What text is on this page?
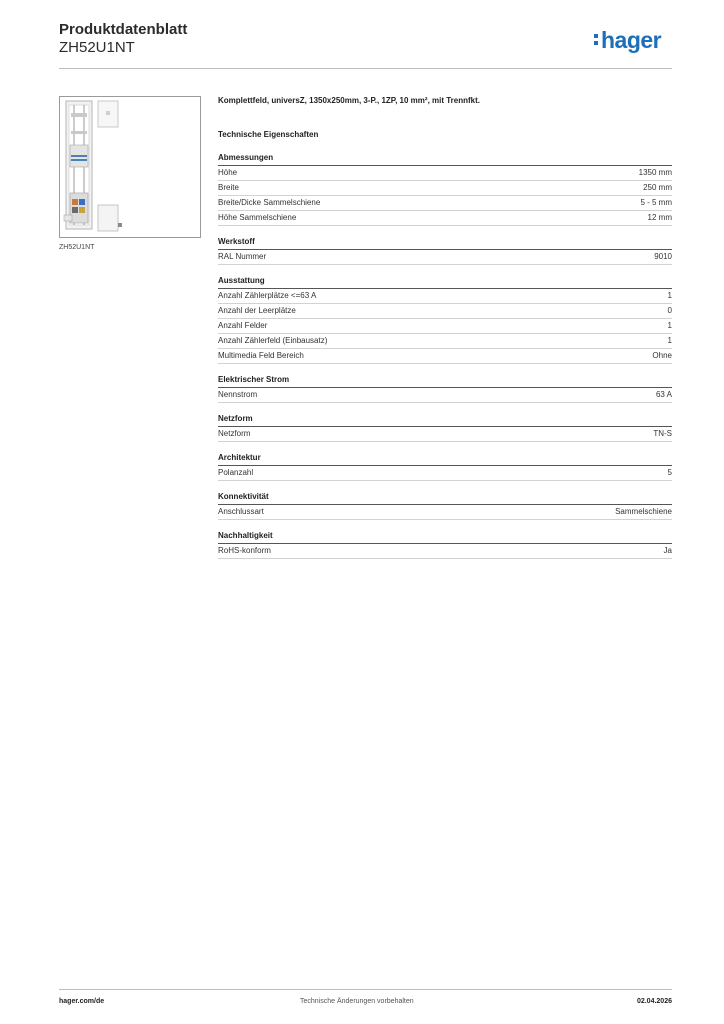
Produktdatenblatt
ZH52U1NT	hager
ZH52U1NT
Komplettfeld, universZ, 1350x250mm, 3-P., 1ZP, 10 mm², mit Trennfkt.
Technische Eigenschaften
Abmessungen
Höhe	1350 mm
Breite	250 mm
Breite/Dicke Sammelschiene	5 - 5 mm
Höhe Sammelschiene	12 mm
Werkstoff
RAL Nummer	9010
Ausstattung
Anzahl Zählerplätze <=63 A	1
Anzahl der Leerplätze	0
Anzahl Felder	1
Anzahl Zählerfeld (Einbausatz)	1
Multimedia Feld Bereich	Ohne
Elektrischer Strom
Nennstrom	63 A
Netzform
Netzform	TN-S
Architektur
Polanzahl	5
Konnektivität
Anschlussart	Sammelschiene
Nachhaltigkeit
RoHS-konform	Ja
hager.com/de	Technische Änderungen vorbehalten	02.04.2026
